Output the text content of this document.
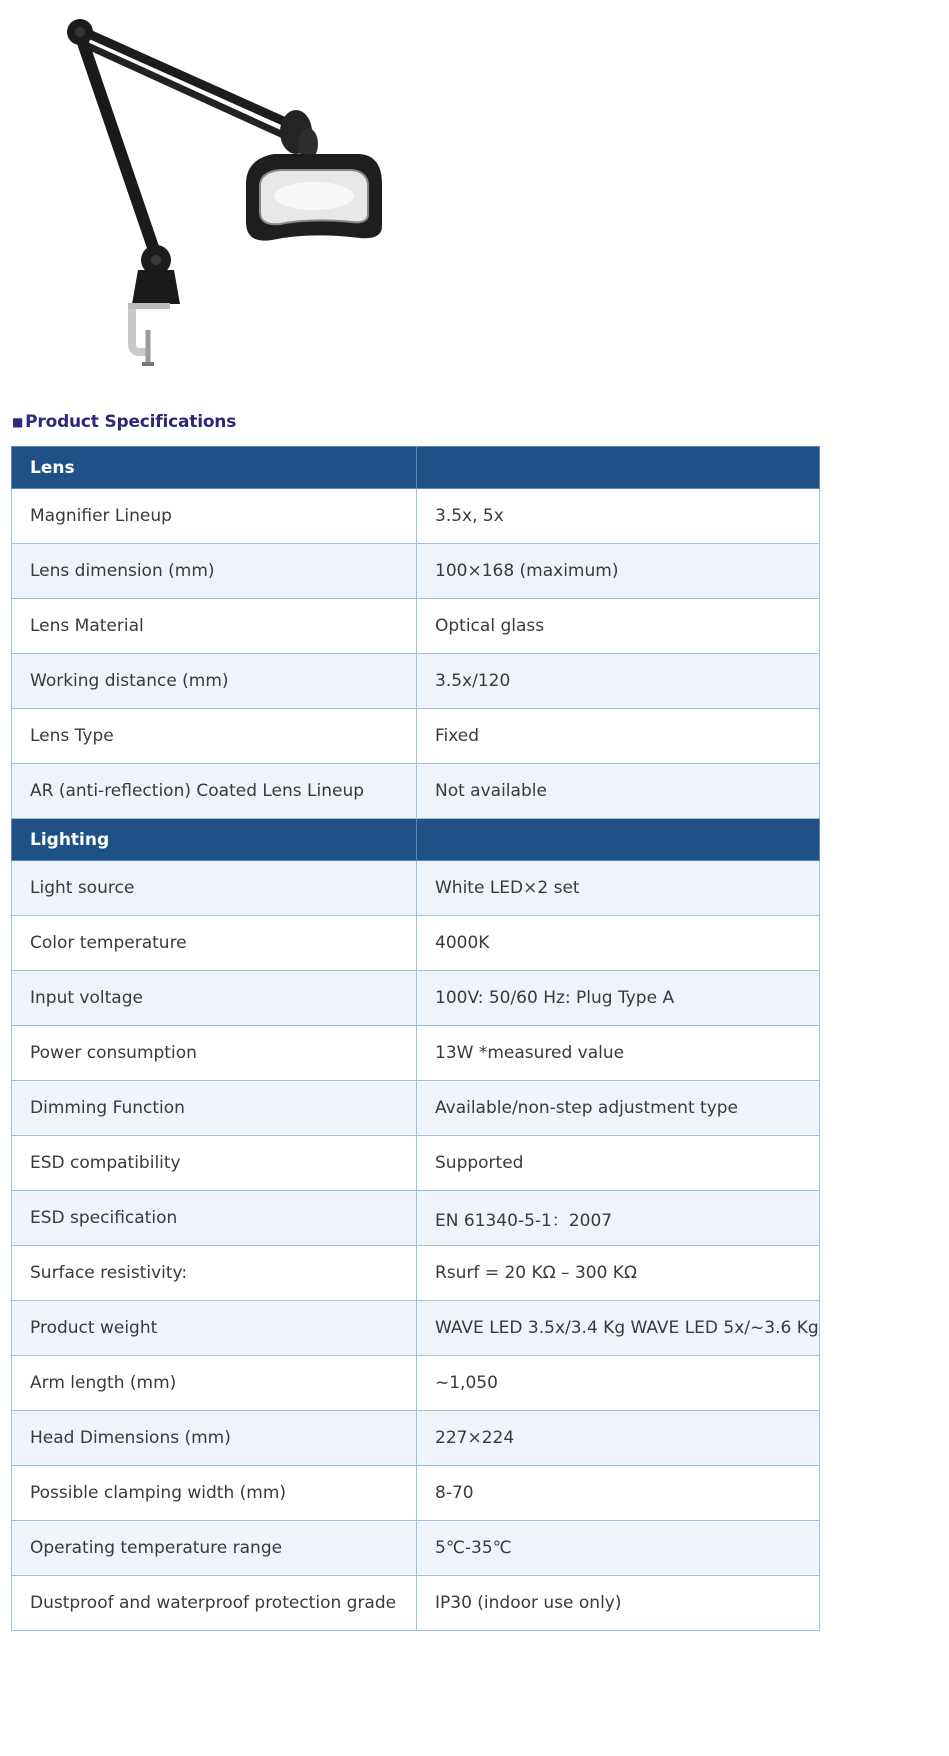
■ Product Specifications
Lens	
Magnifier Lineup	3.5x, 5x
Lens dimension (mm)	100×168 (maximum)
Lens Material	Optical glass
Working distance (mm)	3.5x/120
Lens Type	Fixed
AR (anti-reflection) Coated Lens Lineup	Not available
Lighting	
Light source	White LED×2 set
Color temperature	4000K
Input voltage	100V: 50/60 Hz: Plug Type A
Power consumption	13W *measured value
Dimming Function	Available/non-step adjustment type
ESD compatibility	Supported
ESD specification	EN 61340-5-1：2007
Surface resistivity:	Rsurf = 20 KΩ – 300 KΩ
Product weight	WAVE LED 3.5x/3.4 Kg WAVE LED 5x/~3.6 Kg
Arm length (mm)	~1,050
Head Dimensions (mm)	227×224
Possible clamping width (mm)	8-70
Operating temperature range	5℃-35℃
Dustproof and waterproof protection grade	IP30 (indoor use only)
